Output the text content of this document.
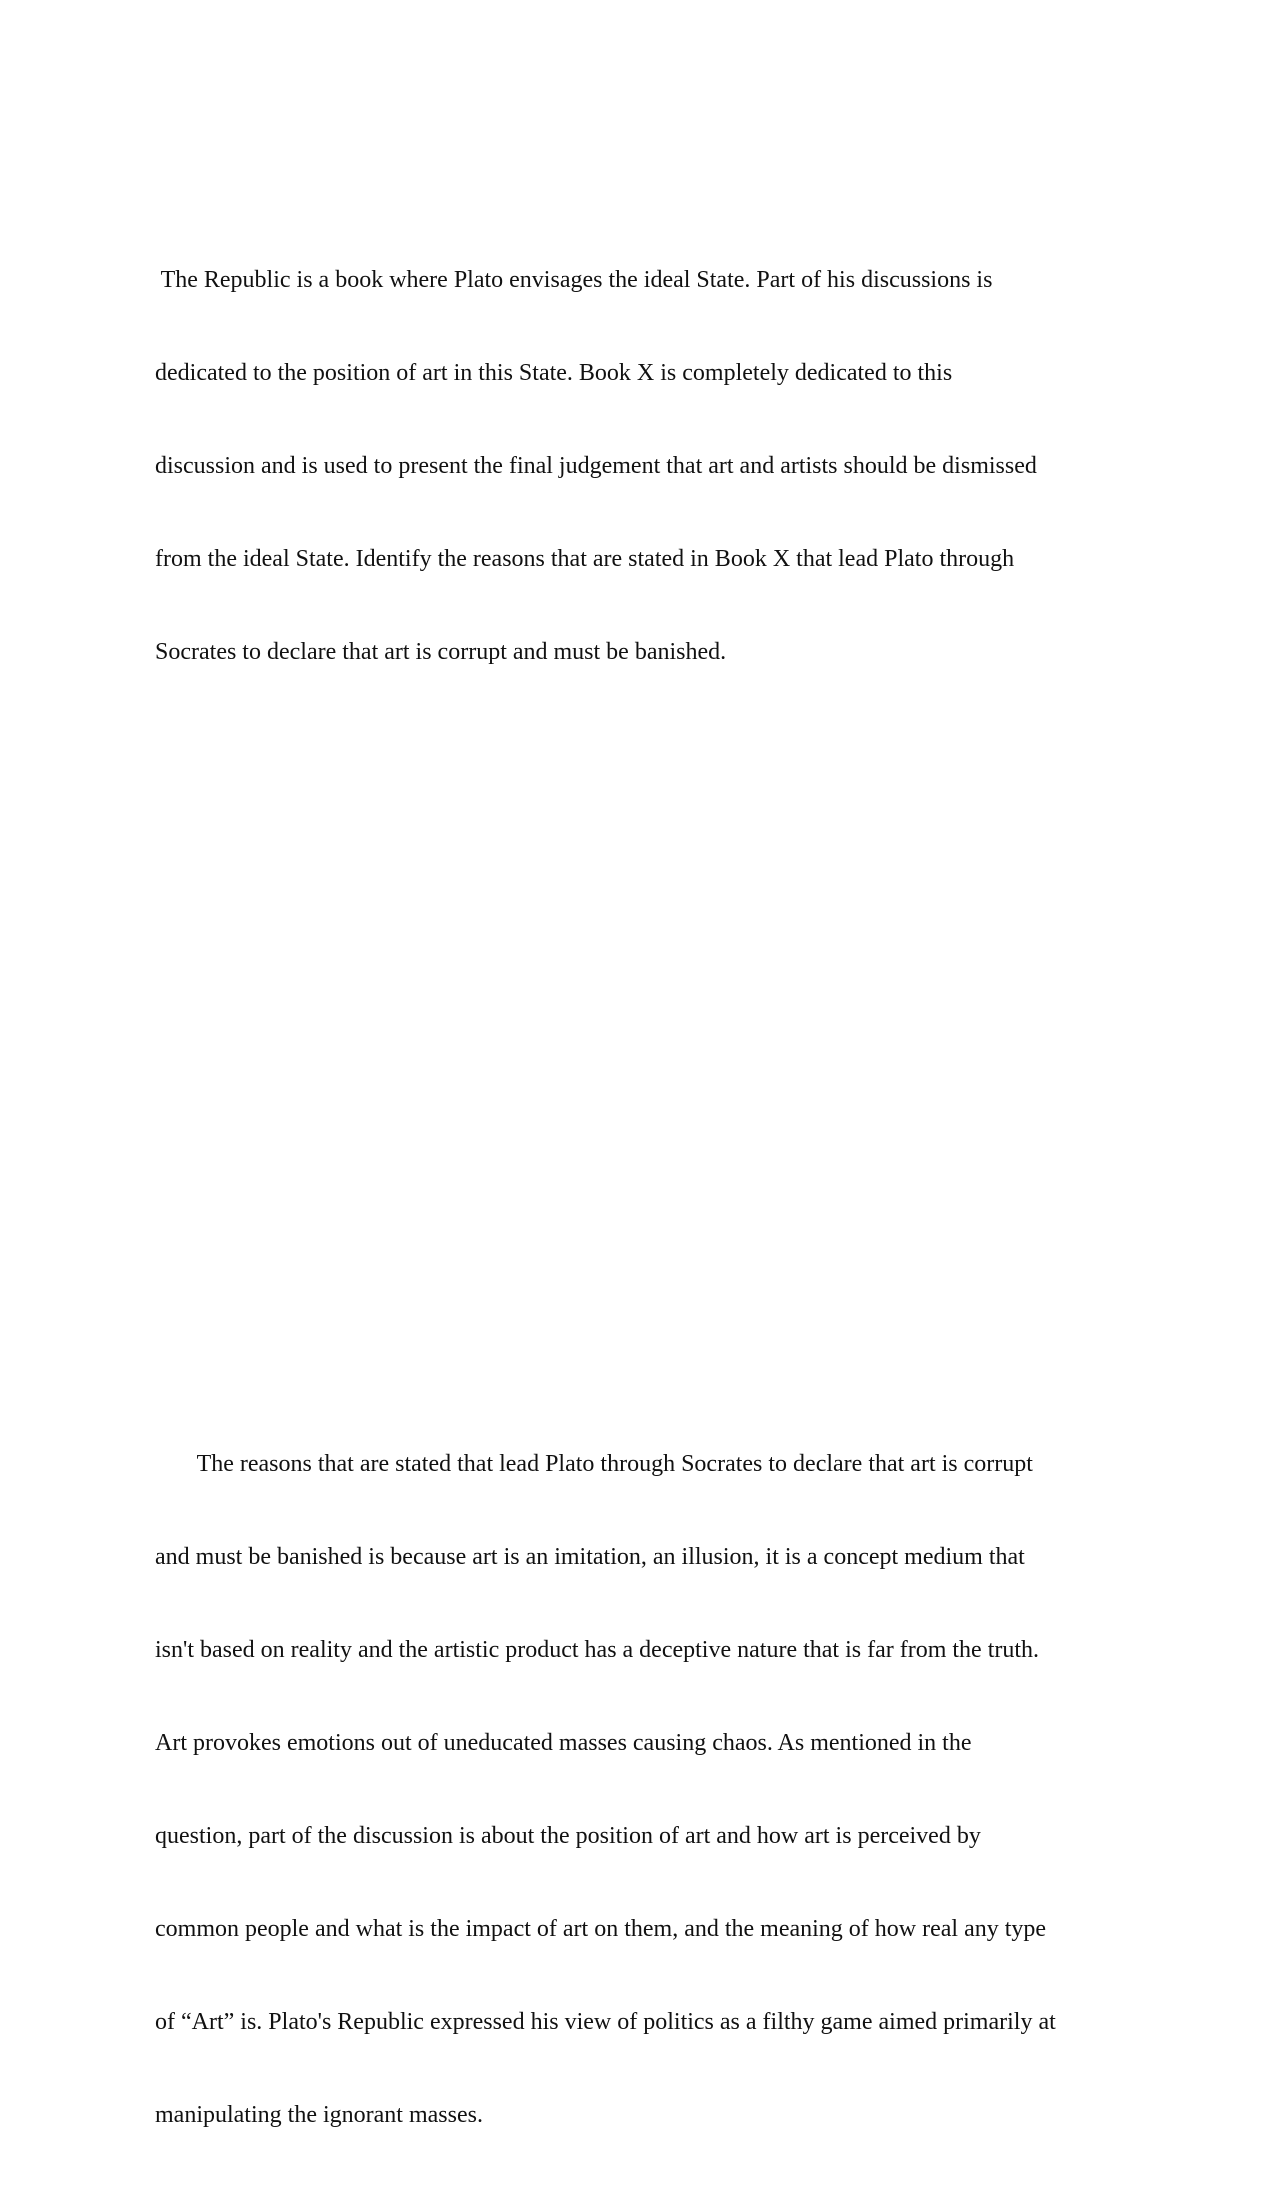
The Republic is a book where Plato envisages the ideal State. Part of his discussions is

dedicated to the position of art in this State. Book X is completely dedicated to this

discussion and is used to present the final judgement that art and artists should be dismissed

from the ideal State. Identify the reasons that are stated in Book X that lead Plato through

Socrates to declare that art is corrupt and must be banished.

The reasons that are stated that lead Plato through Socrates to declare that art is corrupt

and must be banished is because art is an imitation, an illusion, it is a concept medium that

isn't based on reality and the artistic product has a deceptive nature that is far from the truth.

Art provokes emotions out of uneducated masses causing chaos. As mentioned in the

question, part of the discussion is about the position of art and how art is perceived by

common people and what is the impact of art on them, and the meaning of how real any type

of “Art” is. Plato's Republic expressed his view of politics as a filthy game aimed primarily at

manipulating the ignorant masses.
